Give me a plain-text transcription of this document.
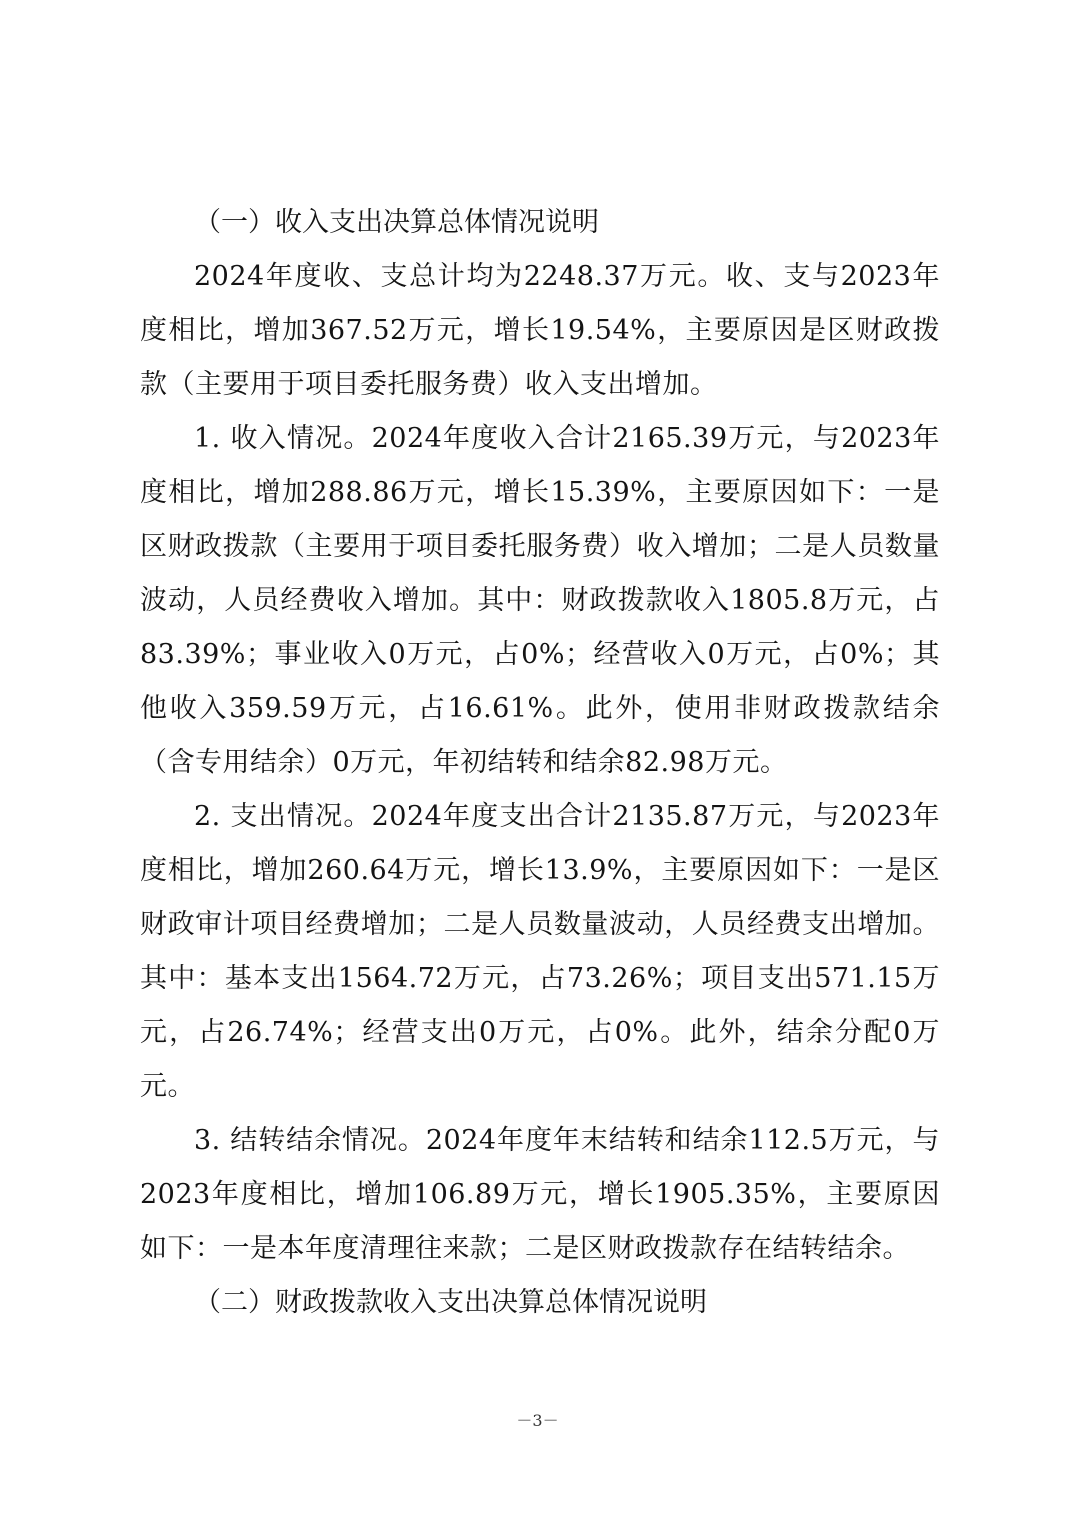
（一）收入支出决算总体情况说明

2024年度收、支总计均为2248.37万元。收、支与2023年度相比，增加367.52万元，增长19.54%，主要原因是区财政拨款（主要用于项目委托服务费）收入支出增加。

1. 收入情况。2024年度收入合计2165.39万元，与2023年度相比，增加288.86万元，增长15.39%，主要原因如下：一是区财政拨款（主要用于项目委托服务费）收入增加；二是人员数量波动，人员经费收入增加。其中：财政拨款收入1805.8万元，占83.39%；事业收入0万元，占0%；经营收入0万元，占0%；其他收入359.59万元，占16.61%。此外，使用非财政拨款结余（含专用结余）0万元，年初结转和结余82.98万元。

2. 支出情况。2024年度支出合计2135.87万元，与2023年度相比，增加260.64万元，增长13.9%，主要原因如下：一是区财政审计项目经费增加；二是人员数量波动，人员经费支出增加。其中：基本支出1564.72万元，占73.26%；项目支出571.15万元，占26.74%；经营支出0万元，占0%。此外，结余分配0万元。

3. 结转结余情况。2024年度年末结转和结余112.5万元，与2023年度相比，增加106.89万元，增长1905.35%，主要原因如下：一是本年度清理往来款；二是区财政拨款存在结转结余。

（二）财政拨款收入支出决算总体情况说明

－3－
